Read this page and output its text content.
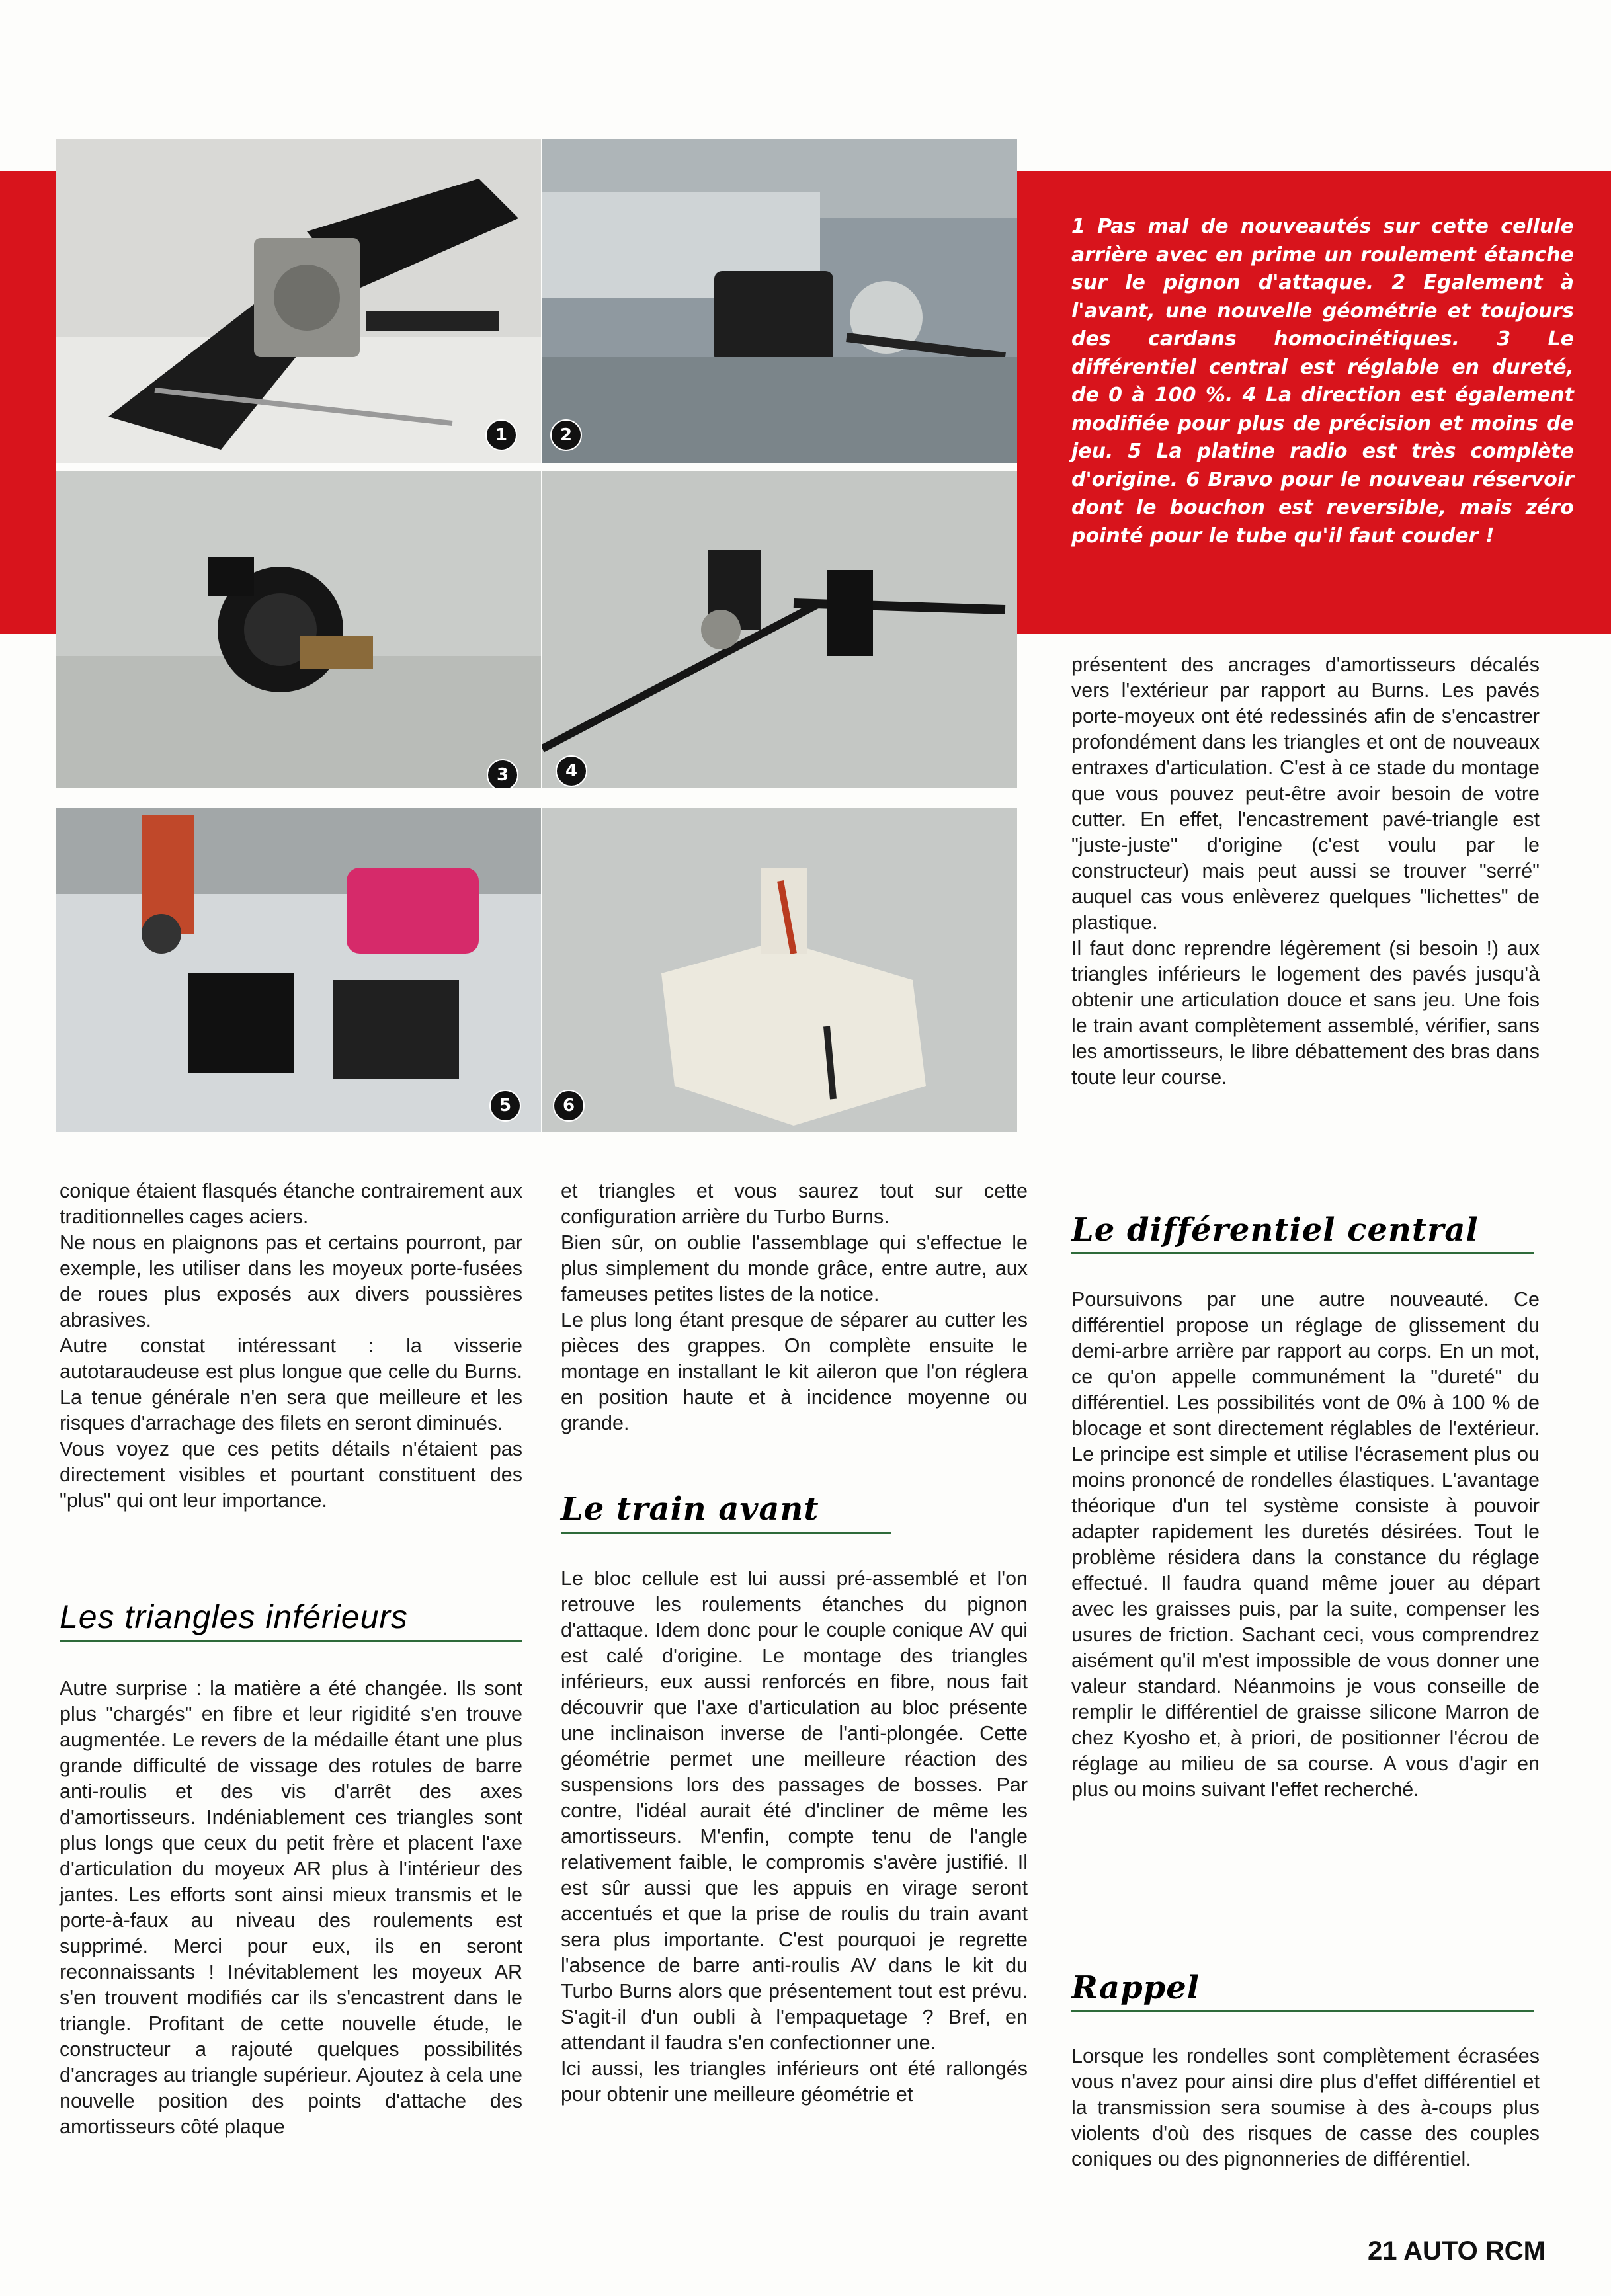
1 Pas mal de nouveautés sur cette cellule arrière avec en prime un roulement étanche sur le pignon d'attaque. 2 Egalement à l'avant, une nouvelle géométrie et toujours des cardans homocinétiques. 3 Le différentiel central est réglable en dureté, de 0 à 100 %. 4 La direction est également modifiée pour plus de précision et moins de jeu. 5 La platine radio est très complète d'origine. 6 Bravo pour le nouveau réservoir dont le bouchon est reversible, mais zéro pointé pour le tube qu'il faut couder !
1	2
3	4
5	6

conique étaient flasqués étanche contrairement aux traditionnelles cages aciers.

Ne nous en plaignons pas et certains pourront, par exemple, les utiliser dans les moyeux porte-fusées de roues plus exposés aux divers poussières abrasives.

Autre constat intéressant : la visserie autotaraudeuse est plus longue que celle du Burns. La tenue générale n'en sera que meilleure et les risques d'arrachage des filets en seront diminués.

Vous voyez que ces petits détails n'étaient pas directement visibles et pourtant constituent des "plus" qui ont leur importance.

Les triangles inférieurs

Autre surprise : la matière a été changée. Ils sont plus "chargés" en fibre et leur rigidité s'en trouve augmentée. Le revers de la médaille étant une plus grande difficulté de vissage des rotules de barre anti-roulis et des vis d'arrêt des axes d'amortisseurs. Indéniablement ces triangles sont plus longs que ceux du petit frère et placent l'axe d'articulation du moyeux AR plus à l'intérieur des jantes. Les efforts sont ainsi mieux transmis et le porte-à-faux au niveau des roulements est supprimé. Merci pour eux, ils en seront reconnaissants ! Inévitablement les moyeux AR s'en trouvent modifiés car ils s'encastrent dans le triangle. Profitant de cette nouvelle étude, le constructeur a rajouté quelques possibilités d'ancrages au triangle supérieur. Ajoutez à cela une nouvelle position des points d'attache des amortisseurs côté plaque

et triangles et vous saurez tout sur cette configuration arrière du Turbo Burns.

Bien sûr, on oublie l'assemblage qui s'effectue le plus simplement du monde grâce, entre autre, aux fameuses petites listes de la notice.

Le plus long étant presque de séparer au cutter les pièces des grappes. On complète ensuite le montage en installant le kit aileron que l'on réglera en position haute et à incidence moyenne ou grande.

Le train avant

Le bloc cellule est lui aussi pré-assemblé et l'on retrouve les roulements étanches du pignon d'attaque. Idem donc pour le couple conique AV qui est calé d'origine. Le montage des triangles inférieurs, eux aussi renforcés en fibre, nous fait découvrir que l'axe d'articulation au bloc présente une inclinaison inverse de l'anti-plongée. Cette géométrie permet une meilleure réaction des suspensions lors des passages de bosses. Par contre, l'idéal aurait été d'incliner de même les amortisseurs. M'enfin, compte tenu de l'angle relativement faible, le compromis s'avère justifié. Il est sûr aussi que les appuis en virage seront accentués et que la prise de roulis du train avant sera plus importante. C'est pourquoi je regrette l'absence de barre anti-roulis AV dans le kit du Turbo Burns alors que présentement tout est prévu. S'agit-il d'un oubli à l'empaquetage ? Bref, en attendant il faudra s'en confectionner une.

Ici aussi, les triangles inférieurs ont été rallongés pour obtenir une meilleure géométrie et

présentent des ancrages d'amortisseurs décalés vers l'extérieur par rapport au Burns. Les pavés porte-moyeux ont été redessinés afin de s'encastrer profondément dans les triangles et ont de nouveaux entraxes d'articulation. C'est à ce stade du montage que vous pouvez peut-être avoir besoin de votre cutter. En effet, l'encastrement pavé-triangle est "juste-juste" d'origine (c'est voulu par le constructeur) mais peut aussi se trouver "serré" auquel cas vous enlèverez quelques "lichettes" de plastique.

Il faut donc reprendre légèrement (si besoin !) aux triangles inférieurs le logement des pavés jusqu'à obtenir une articulation douce et sans jeu. Une fois le train avant complètement assemblé, vérifier, sans les amortisseurs, le libre débattement des bras dans toute leur course.

Le différentiel central

Poursuivons par une autre nouveauté. Ce différentiel propose un réglage de glissement du demi-arbre arrière par rapport au corps. En un mot, ce qu'on appelle communément la "dureté" du différentiel. Les possibilités vont de 0% à 100 % de blocage et sont directement réglables de l'extérieur. Le principe est simple et utilise l'écrasement plus ou moins prononcé de rondelles élastiques. L'avantage théorique d'un tel système consiste à pouvoir adapter rapidement les duretés désirées. Tout le problème résidera dans la constance du réglage effectué. Il faudra quand même jouer au départ avec les graisses puis, par la suite, compenser les usures de friction. Sachant ceci, vous comprendrez aisément qu'il m'est impossible de vous donner une valeur standard. Néanmoins je vous conseille de remplir le différentiel de graisse silicone Marron de chez Kyosho et, à priori, de positionner l'écrou de réglage au milieu de sa course. A vous d'agir en plus ou moins suivant l'effet recherché.

Rappel

Lorsque les rondelles sont complètement écrasées vous n'avez pour ainsi dire plus d'effet différentiel et la transmission sera soumise à des à-coups plus violents d'où des risques de casse des couples coniques ou des pignonneries de différentiel.

21 AUTO RCM
